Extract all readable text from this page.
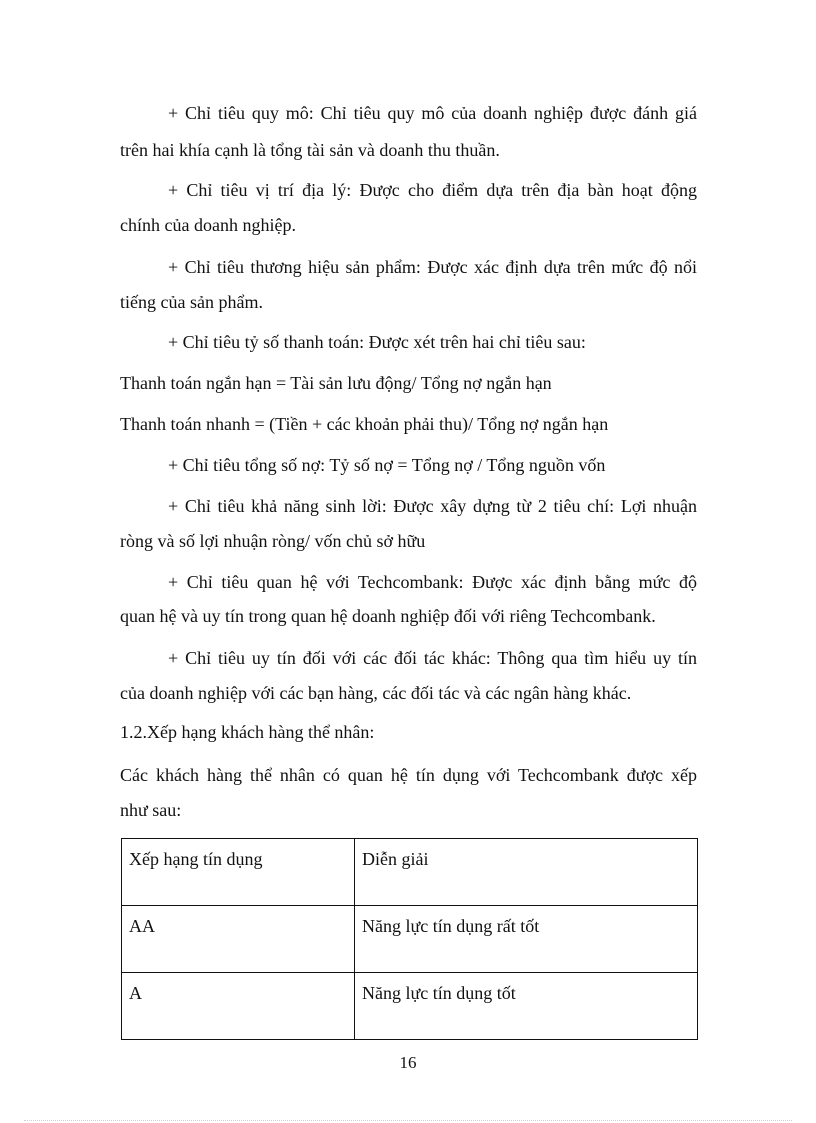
+ Chỉ tiêu quy mô: Chỉ tiêu quy mô của doanh nghiệp được đánh giá

trên hai khía cạnh là tổng tài sản và doanh thu thuần.

+ Chỉ tiêu vị trí địa lý: Được cho điểm dựa trên địa bàn hoạt động

chính của doanh nghiệp.

+ Chỉ tiêu thương hiệu sản phẩm: Được xác định dựa trên mức độ nổi

tiếng của sản phẩm.

+ Chỉ tiêu tỷ số thanh toán: Được xét trên hai chỉ tiêu sau:

Thanh toán ngắn hạn = Tài sản lưu động/ Tổng nợ ngắn hạn

Thanh toán nhanh = (Tiền + các khoản phải thu)/ Tổng nợ ngắn hạn

+ Chỉ tiêu tổng số nợ: Tỷ số nợ = Tổng nợ / Tổng nguồn vốn

+ Chỉ tiêu khả năng sinh lời: Được xây dựng từ 2 tiêu chí: Lợi nhuận

ròng và số lợi nhuận ròng/ vốn chủ sở hữu

+ Chỉ tiêu quan hệ với Techcombank: Được xác định bằng mức độ

quan hệ và uy tín trong quan hệ doanh nghiệp đối với riêng Techcombank.

+ Chỉ tiêu uy tín đối với các đối tác khác: Thông qua tìm hiểu uy tín

của doanh nghiệp với các bạn hàng, các đối tác và các ngân hàng khác.

1.2.Xếp hạng khách hàng thể nhân:

Các khách hàng thể nhân có quan hệ tín dụng với Techcombank được xếp

như sau:

Xếp hạng tín dụng	Diễn giải
AA	Năng lực tín dụng rất tốt
A	Năng lực tín dụng tốt
16
